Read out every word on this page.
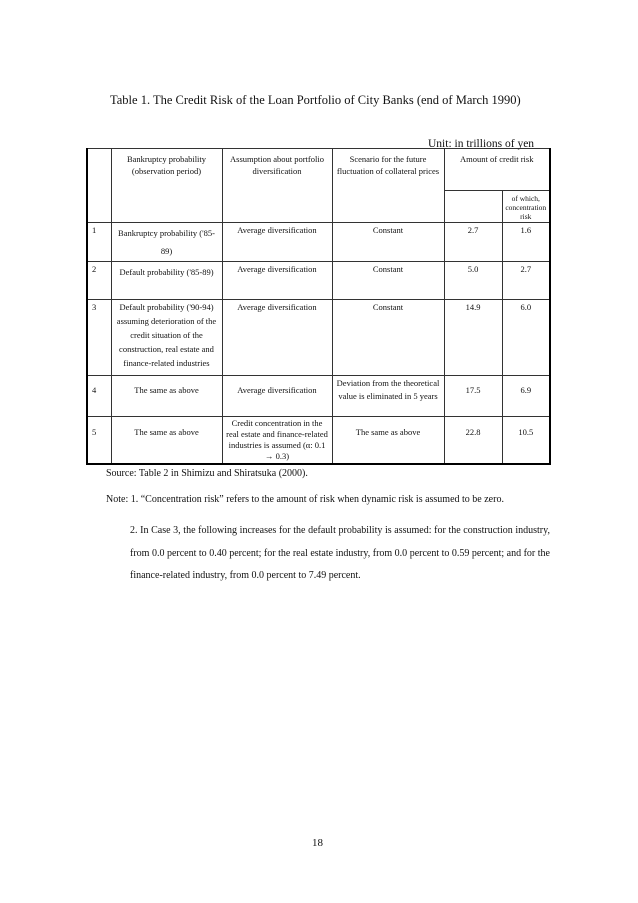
Table 1. The Credit Risk of the Loan Portfolio of City Banks (end of March 1990)
Unit: in trillions of yen
	Bankruptcy probability (observation period)	Assumption about portfolio diversification	Scenario for the future fluctuation of collateral prices	Amount of credit risk	
					of which, concentration risk
1	Bankruptcy probability ('85-89)	Average diversification	Constant	2.7	1.6
2	Default probability ('85-89)	Average diversification	Constant	5.0	2.7
3	Default probability ('90-94) assuming deterioration of the credit situation of the construction, real estate and finance-related industries	Average diversification	Constant	14.9	6.0
4	The same as above	Average diversification	Deviation from the theoretical value is eliminated in 5 years	17.5	6.9
5	The same as above	Credit concentration in the real estate and finance-related industries is assumed (α: 0.1 → 0.3)	The same as above	22.8	10.5
Source: Table 2 in Shimizu and Shiratsuka (2000).
Note: 1. “Concentration risk” refers to the amount of risk when dynamic risk is assumed to be zero.
2. In Case 3, the following increases for the default probability is assumed: for the construction industry, from 0.0 percent to 0.40 percent; for the real estate industry, from 0.0 percent to 0.59 percent; and for the finance-related industry, from 0.0 percent to 7.49 percent.
18
